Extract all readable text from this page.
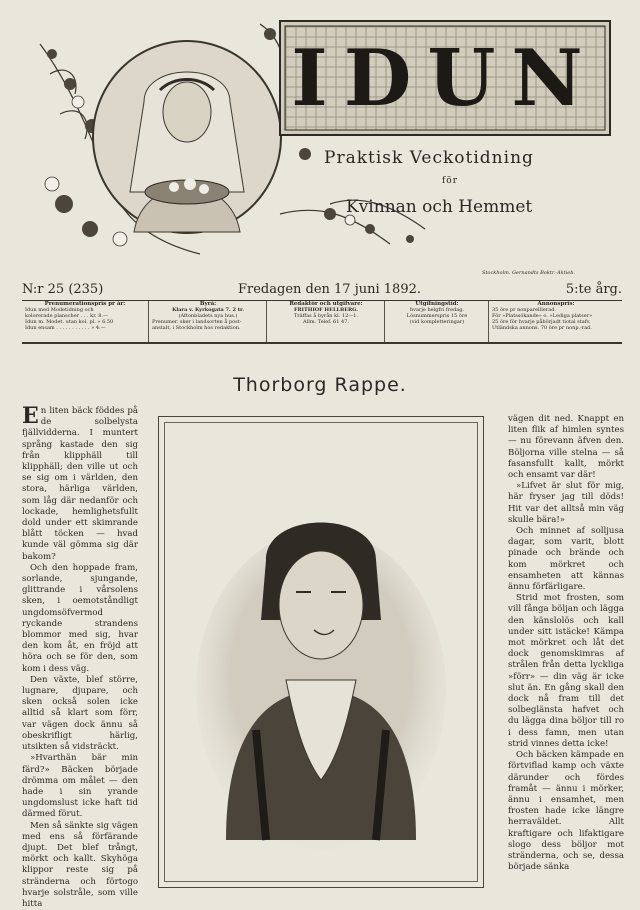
IDUN
Praktisk Veckotidning
för
Kvinnan och Hemmet
Stockholm. Gernandts Boktr.-Aktieb.
N:r 25 (235)	Fredagen den 17 juni 1892.	5:te årg.
Prenumerationspris pr år:
Idun med Modetidning och
kolorerade planscher . . . kr. 8.—
Idun m. Modet. utan kol. pl. » 6.50
Idun ensam . . . . . . . . . . . » 4.—
Byrå:
Klara v. Kyrkogata 7. 2 tr.
(Aftonbladets nya hus.)
Prenumer. sker i landsorten å post-
anstalt, i Stockholm hos redaktion.
Redaktör och utgifvare:
FRITHIOF HELLBERG.
Träffas å byrån kl. 12—1.
Allm. Telef. 61 47.
Utgifningstid:
hvarje helgfri fredag.
Lösnummerspris 15 öre
(vid kompletteringar)
Annonspris:
35 öre pr nonparelllerad.
För »Platssökande» o. »Lediga platser»
25 öre för hvarje påbörjadt tiotal stafv.
Utländska annons. 70 öre pr nonp.-rad.
Thorborg Rappe.

En liten bäck föddes på de solbelysta fjällvidderna. I muntert språng kastade den sig från klipphäll till klipphäll; den ville ut och se sig om i världen, den stora, härliga världen, som låg där nedanför och lockade, hemlighetsfullt dold under ett skimrande blått töcken — hvad kunde väl gömma sig där bakom?

Och den hoppade fram, sorlande, sjungande, glittrande i vårsolens sken, i oemotståndligt ungdomsöfvermod ryckande strandens blommor med sig, hvar den kom åt, en fröjd att höra och se för den, som kom i dess väg.

Den växte, blef större, lugnare, djupare, och sken också solen icke alltid så klart som förr, var vägen dock ännu så obeskrifligt härlig, utsikten så vidsträckt.

»Hvarthän bär min färd?» Bäcken började drömma om målet — den hade i sin yrande ungdomslust icke haft tid därmed förut.

Men så sänkte sig vägen med ens så förfärande djupt. Det blef trångt, mörkt och kallt. Skyhöga klippor reste sig på stränderna och förtogo hvarje solstråle, som ville hitta

vägen dit ned. Knappt en liten flik af himlen syntes — nu förevann äfven den. Böljorna ville stelna — så fasansfullt kallt, mörkt och ensamt var där!

»Lifvet är slut för mig, här fryser jag till döds! Hit var det alltså min väg skulle bära!»

Och minnet af solljusa dagar, som varit, blott pinade och brände och kom mörkret och ensamheten att kännas ännu förfärligare.

Strid mot frosten, som vill fånga böljan och lägga den känslolös och kall under sitt istäcke! Kämpa mot mörkret och låt det dock genomskimras af strålen från detta lyckliga »förr» — din väg är icke slut än. En gång skall den dock nå fram till det solbeglänsta hafvet och du lägga dina böljor till ro i dess famn, men utan strid vinnes detta icke!

Och bäcken kämpade en förtviflad kamp och växte därunder och fördes framåt — ännu i mörker, ännu i ensamhet, men frosten hade icke längre herraväldet. Allt kraftigare och lifaktigare slogo dess böljor mot stränderna, och se, dessa började sänka
